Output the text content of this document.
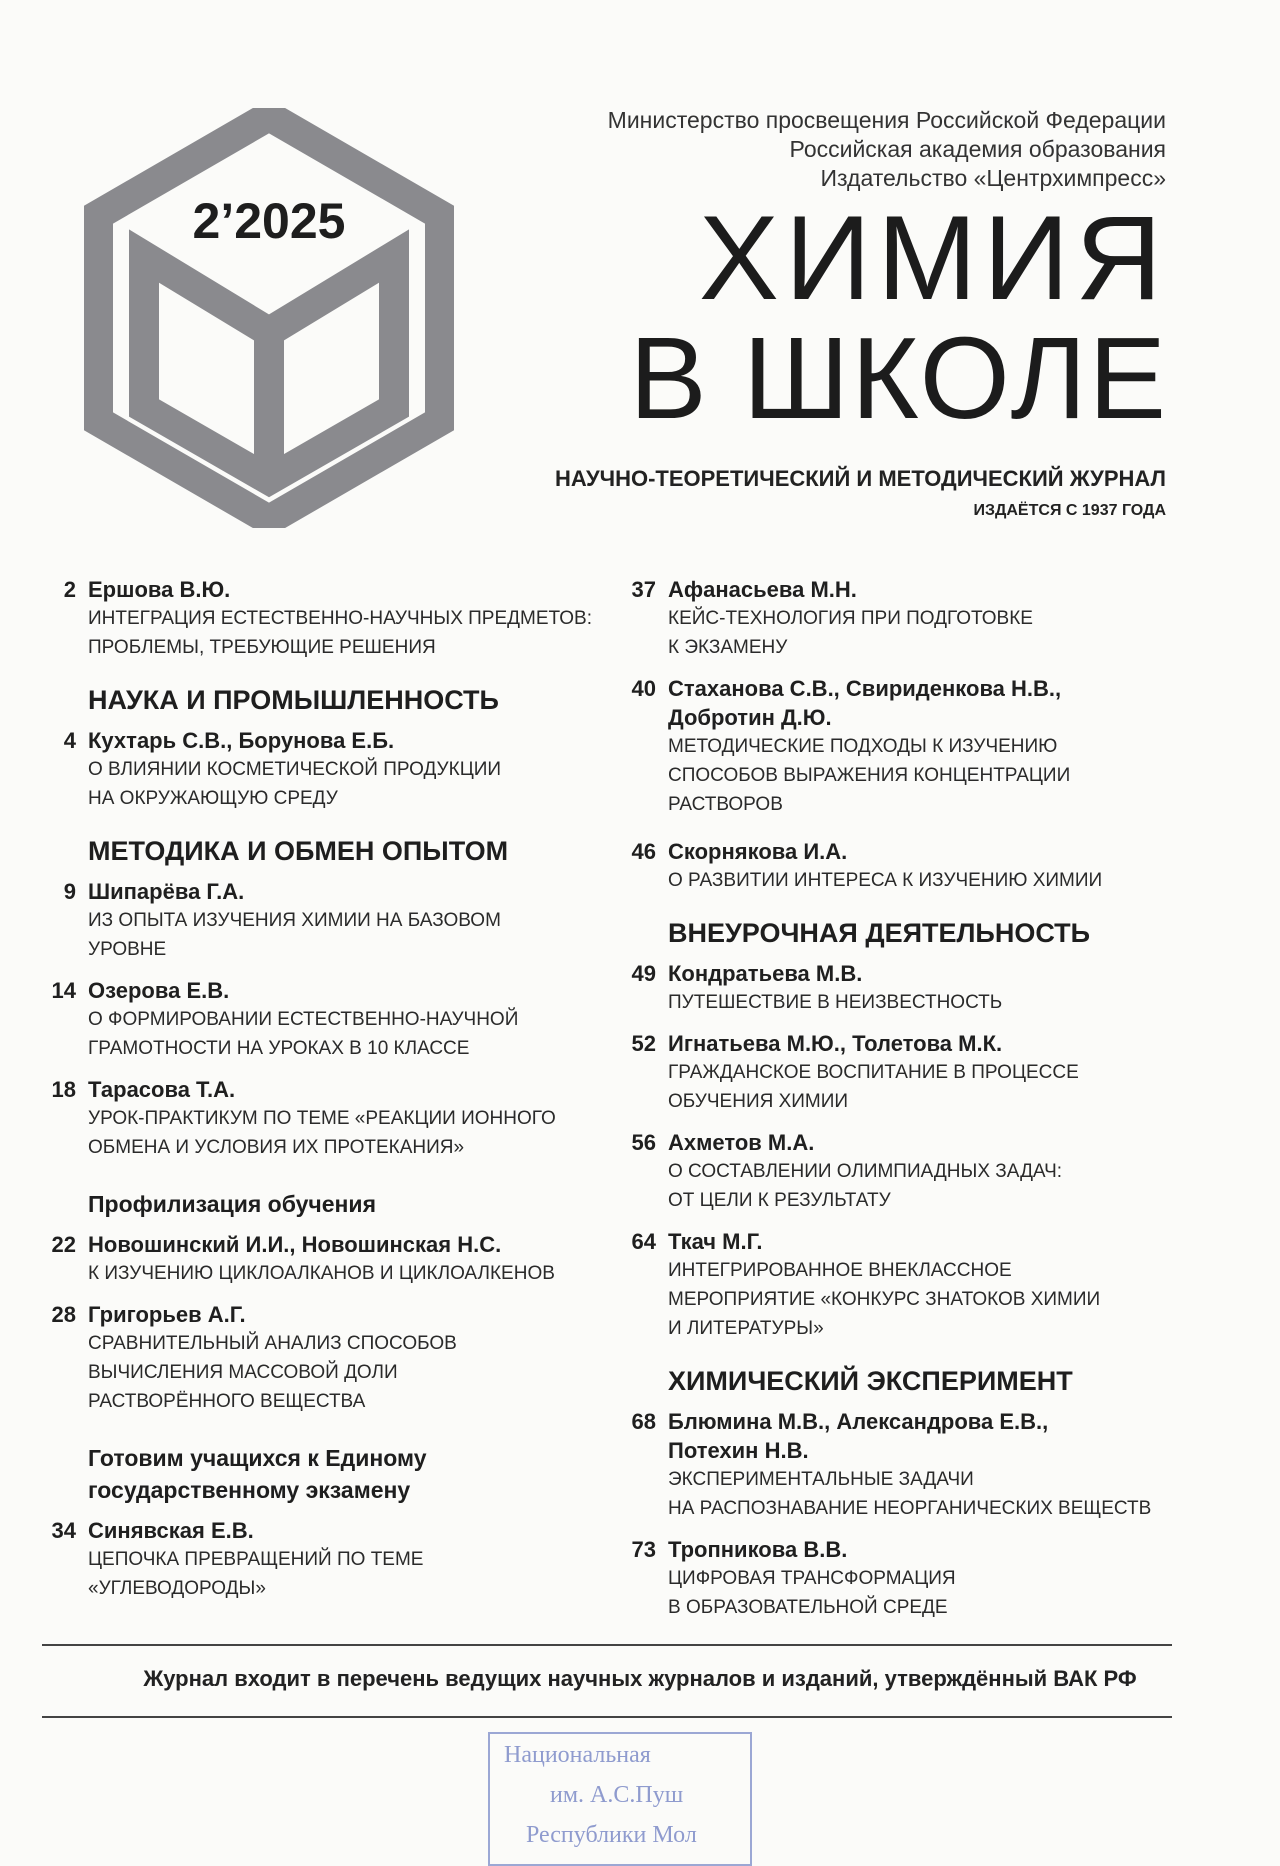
2’2025
Министерство просвещения Российской Федерации
Российская академия образования
Издательство «Центрхимпресс»
ХИМИЯ
В ШКОЛЕ
НАУЧНО-ТЕОРЕТИЧЕСКИЙ И МЕТОДИЧЕСКИЙ ЖУРНАЛ
ИЗДАЁТСЯ С 1937 ГОДА
2 Ершова В.Ю.
ИНТЕГРАЦИЯ ЕСТЕСТВЕННО-НАУЧНЫХ ПРЕДМЕТОВ:
ПРОБЛЕМЫ, ТРЕБУЮЩИЕ РЕШЕНИЯ
НАУКА И ПРОМЫШЛЕННОСТЬ
4 Кухтарь С.В., Борунова Е.Б.
О ВЛИЯНИИ КОСМЕТИЧЕСКОЙ ПРОДУКЦИИ
НА ОКРУЖАЮЩУЮ СРЕДУ
МЕТОДИКА И ОБМЕН ОПЫТОМ
9 Шипарёва Г.А.
ИЗ ОПЫТА ИЗУЧЕНИЯ ХИМИИ НА БАЗОВОМ
УРОВНЕ
14 Озерова Е.В.
О ФОРМИРОВАНИИ ЕСТЕСТВЕННО-НАУЧНОЙ
ГРАМОТНОСТИ НА УРОКАХ В 10 КЛАССЕ
18 Тарасова Т.А.
УРОК-ПРАКТИКУМ ПО ТЕМЕ «РЕАКЦИИ ИОННОГО
ОБМЕНА И УСЛОВИЯ ИХ ПРОТЕКАНИЯ»
Профилизация обучения
22 Новошинский И.И., Новошинская Н.С.
К ИЗУЧЕНИЮ ЦИКЛОАЛКАНОВ И ЦИКЛОАЛКЕНОВ
28 Григорьев А.Г.
СРАВНИТЕЛЬНЫЙ АНАЛИЗ СПОСОБОВ
ВЫЧИСЛЕНИЯ МАССОВОЙ ДОЛИ
РАСТВОРЁННОГО ВЕЩЕСТВА
Готовим учащихся к Единому
государственному экзамену
34 Синявская Е.В.
ЦЕПОЧКА ПРЕВРАЩЕНИЙ ПО ТЕМЕ
«УГЛЕВОДОРОДЫ»
37 Афанасьева М.Н.
КЕЙС-ТЕХНОЛОГИЯ ПРИ ПОДГОТОВКЕ
К ЭКЗАМЕНУ
40 Стаханова С.В., Свириденкова Н.В.,
Добротин Д.Ю.
МЕТОДИЧЕСКИЕ ПОДХОДЫ К ИЗУЧЕНИЮ
СПОСОБОВ ВЫРАЖЕНИЯ КОНЦЕНТРАЦИИ
РАСТВОРОВ
46 Скорнякова И.А.
О РАЗВИТИИ ИНТЕРЕСА К ИЗУЧЕНИЮ ХИМИИ
ВНЕУРОЧНАЯ ДЕЯТЕЛЬНОСТЬ
49 Кондратьева М.В.
ПУТЕШЕСТВИЕ В НЕИЗВЕСТНОСТЬ
52 Игнатьева М.Ю., Толетова М.К.
ГРАЖДАНСКОЕ ВОСПИТАНИЕ В ПРОЦЕССЕ
ОБУЧЕНИЯ ХИМИИ
56 Ахметов М.А.
О СОСТАВЛЕНИИ ОЛИМПИАДНЫХ ЗАДАЧ:
ОТ ЦЕЛИ К РЕЗУЛЬТАТУ
64 Ткач М.Г.
ИНТЕГРИРОВАННОЕ ВНЕКЛАССНОЕ
МЕРОПРИЯТИЕ «КОНКУРС ЗНАТОКОВ ХИМИИ
И ЛИТЕРАТУРЫ»
ХИМИЧЕСКИЙ ЭКСПЕРИМЕНТ
68 Блюмина М.В., Александрова Е.В.,
Потехин Н.В.
ЭКСПЕРИМЕНТАЛЬНЫЕ ЗАДАЧИ
НА РАСПОЗНАВАНИЕ НЕОРГАНИЧЕСКИХ ВЕЩЕСТВ
73 Тропникова В.В.
ЦИФРОВАЯ ТРАНСФОРМАЦИЯ
В ОБРАЗОВАТЕЛЬНОЙ СРЕДЕ
Журнал входит в перечень ведущих научных журналов и изданий, утверждённый ВАК РФ
Национальная
им. А.С.Пуш
Республики Мол
